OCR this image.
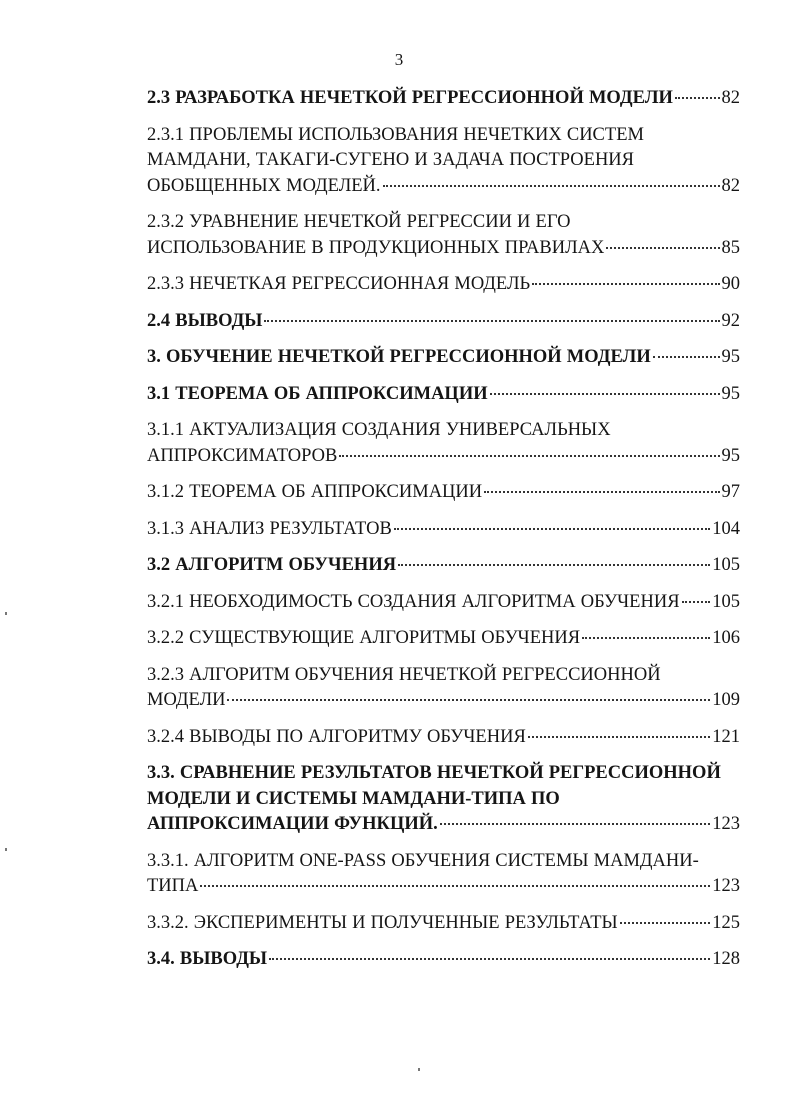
3
2.3 РАЗРАБОТКА НЕЧЕТКОЙ РЕГРЕССИОННОЙ МОДЕЛИ	82
2.3.1 ПРОБЛЕМЫ ИСПОЛЬЗОВАНИЯ НЕЧЕТКИХ СИСТЕМ
МАМДАНИ, ТАКАГИ-СУГЕНО И ЗАДАЧА ПОСТРОЕНИЯ
ОБОБЩЕННЫХ МОДЕЛЕЙ.	82
2.3.2 УРАВНЕНИЕ НЕЧЕТКОЙ РЕГРЕССИИ И ЕГО
ИСПОЛЬЗОВАНИЕ В ПРОДУКЦИОННЫХ ПРАВИЛАХ	85
2.3.3 НЕЧЕТКАЯ РЕГРЕССИОННАЯ МОДЕЛЬ	90
2.4 ВЫВОДЫ	92
3. ОБУЧЕНИЕ НЕЧЕТКОЙ РЕГРЕССИОННОЙ МОДЕЛИ	95
3.1 ТЕОРЕМА ОБ АППРОКСИМАЦИИ	95
3.1.1 АКТУАЛИЗАЦИЯ СОЗДАНИЯ УНИВЕРСАЛЬНЫХ
АППРОКСИМАТОРОВ	95
3.1.2 ТЕОРЕМА ОБ АППРОКСИМАЦИИ	97
3.1.3 АНАЛИЗ РЕЗУЛЬТАТОВ	104
3.2 АЛГОРИТМ ОБУЧЕНИЯ	105
3.2.1 НЕОБХОДИМОСТЬ СОЗДАНИЯ АЛГОРИТМА ОБУЧЕНИЯ 105
3.2.2 СУЩЕСТВУЮЩИЕ АЛГОРИТМЫ ОБУЧЕНИЯ	106
3.2.3 АЛГОРИТМ ОБУЧЕНИЯ НЕЧЕТКОЙ РЕГРЕССИОННОЙ
МОДЕЛИ	109
3.2.4 ВЫВОДЫ ПО АЛГОРИТМУ ОБУЧЕНИЯ	121
3.3. СРАВНЕНИЕ РЕЗУЛЬТАТОВ НЕЧЕТКОЙ РЕГРЕССИОННОЙ
МОДЕЛИ И СИСТЕМЫ МАМДАНИ-ТИПА ПО
АППРОКСИМАЦИИ ФУНКЦИЙ.	123
3.3.1. АЛГОРИТМ ONE-PASS ОБУЧЕНИЯ СИСТЕМЫ МАМДАНИ-
ТИПА	123
3.3.2. ЭКСПЕРИМЕНТЫ И ПОЛУЧЕННЫЕ РЕЗУЛЬТАТЫ	125
3.4. ВЫВОДЫ	128
